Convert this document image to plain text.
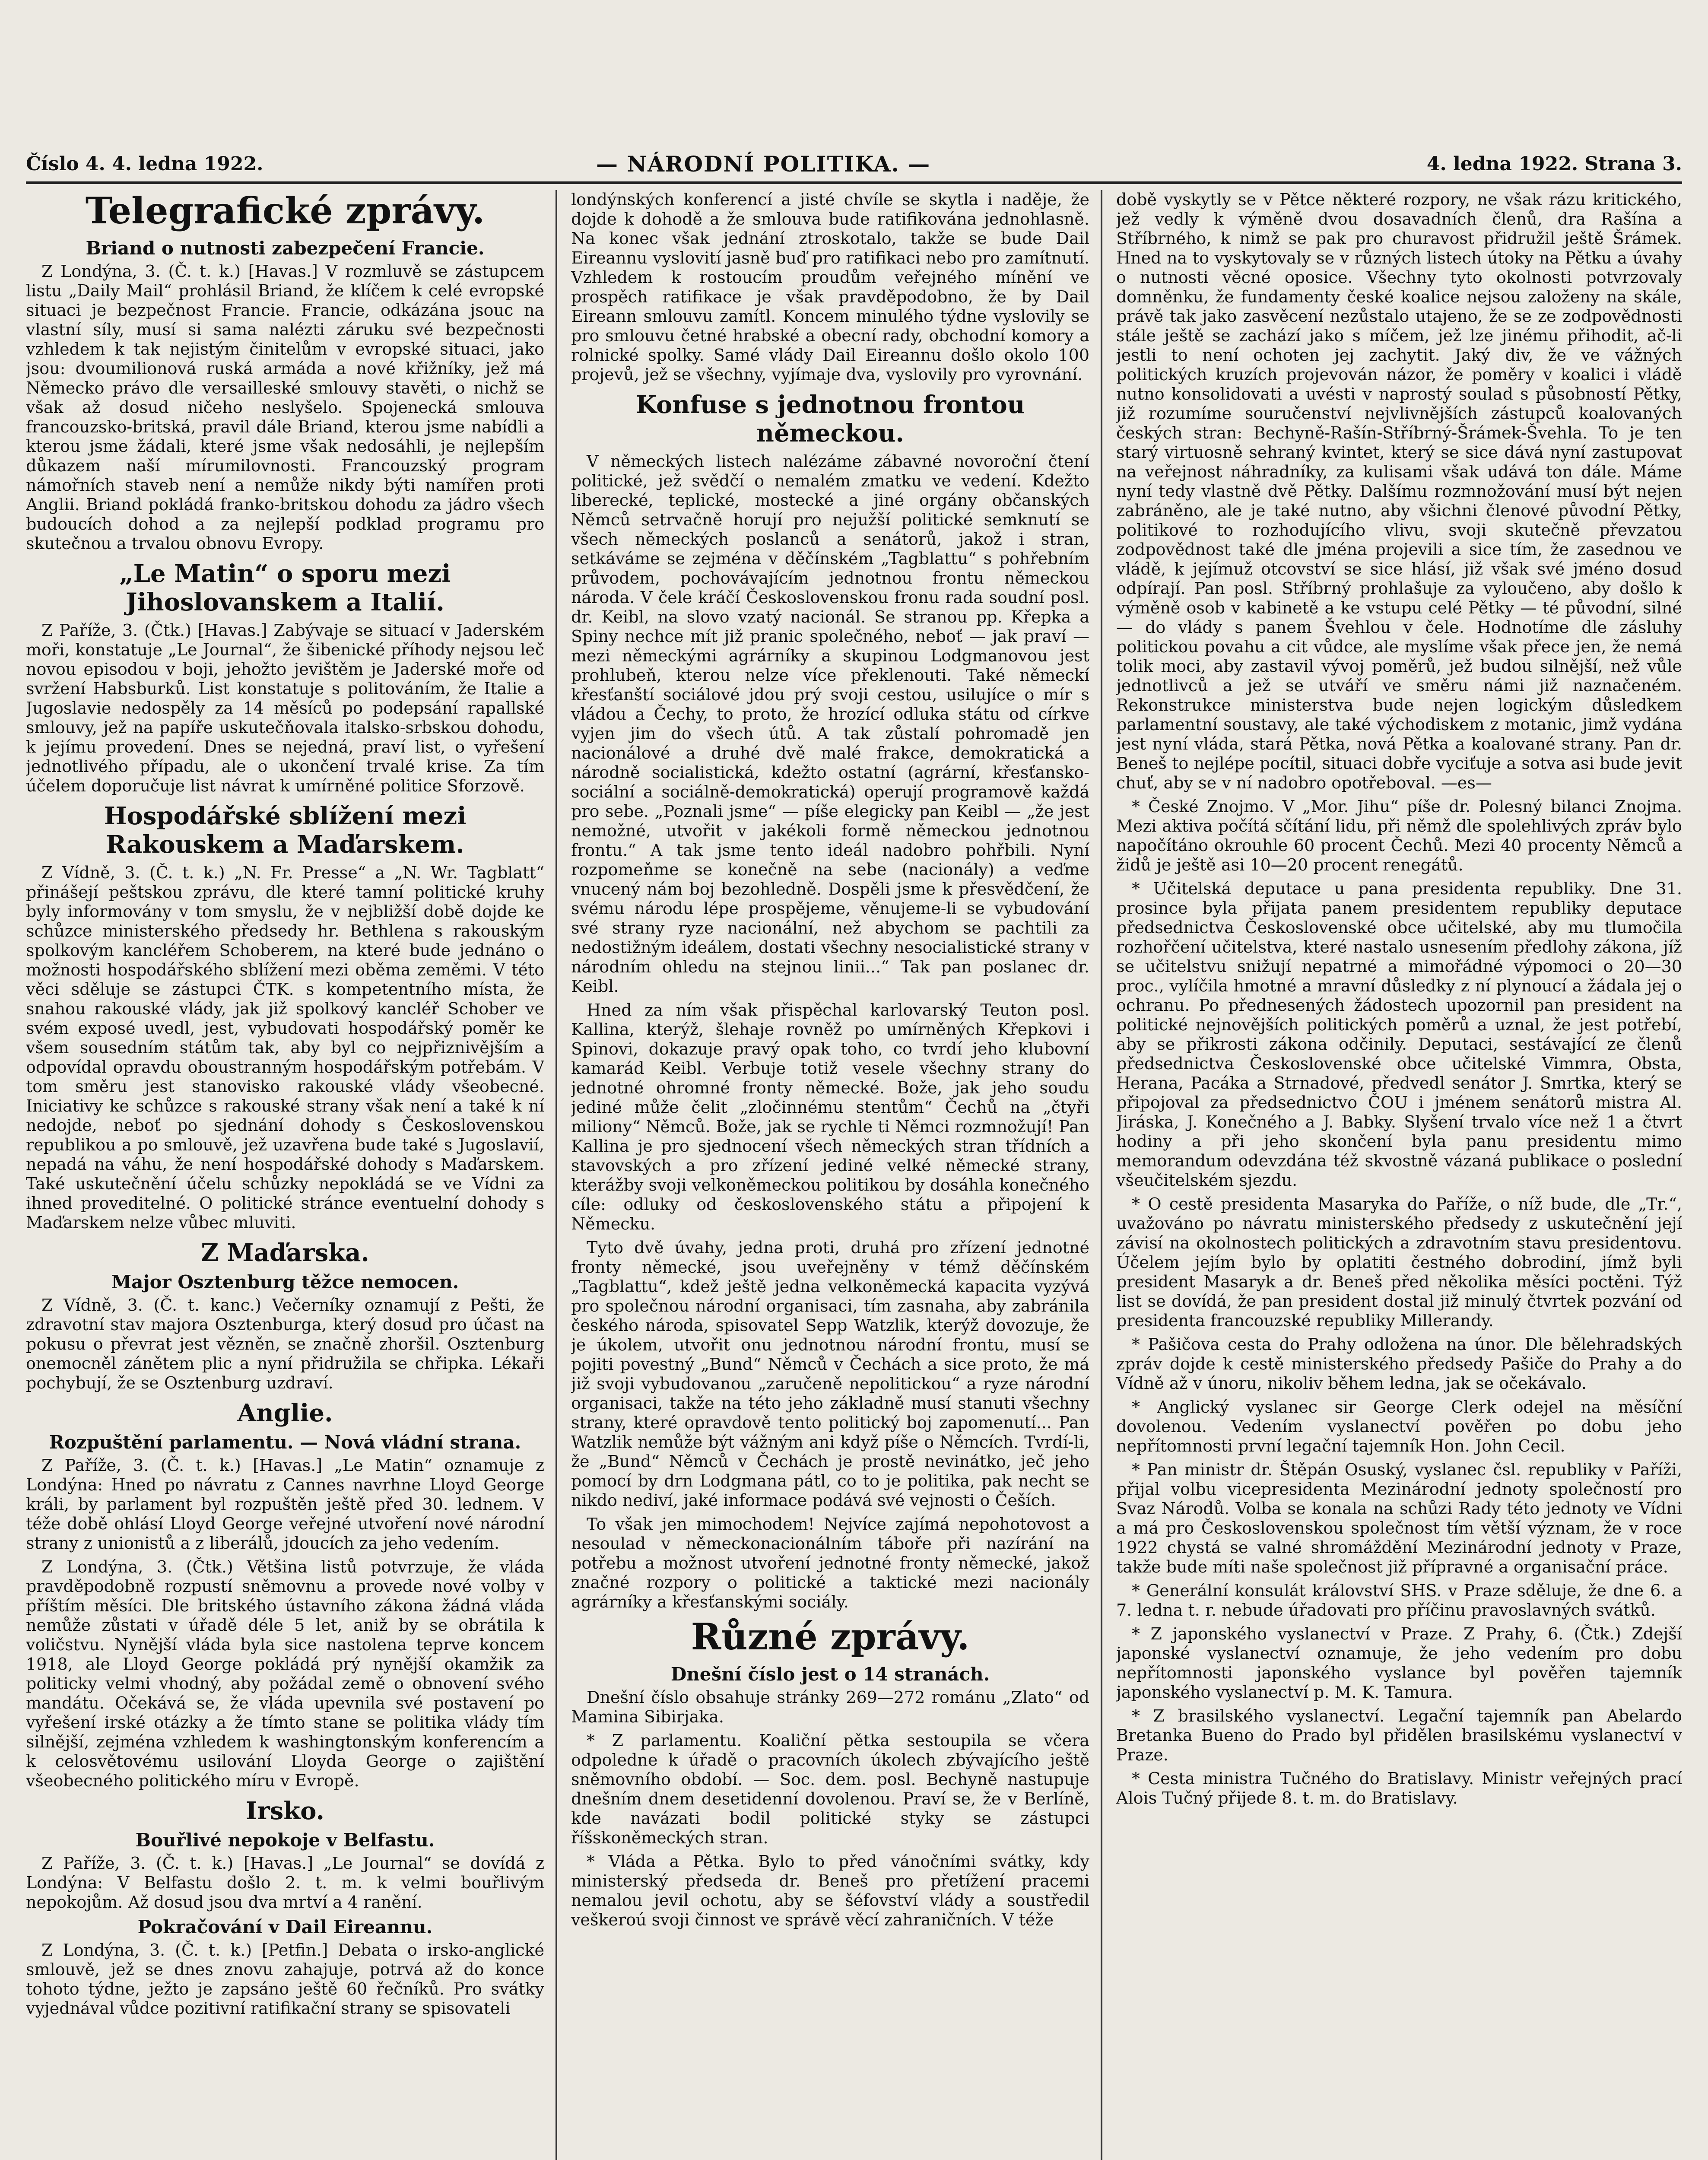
Číslo 4. 4. ledna 1922.	— NÁRODNÍ POLITIKA. —	4. ledna 1922. Strana 3.
Telegrafické zprávy.
Briand o nutnosti zabezpečení Francie.

Z Londýna, 3. (Č. t. k.) [Havas.] V rozmluvě se zástupcem listu „Daily Mail“ prohlásil Briand, že klíčem k celé evropské situaci je bezpečnost Francie. Francie, odkázána jsouc na vlastní síly, musí si sama nalézti záruku své bezpečnosti vzhledem k tak nejistým činitelům v evropské situaci, jako jsou: dvoumilionová ruská armáda a nové křižníky, jež má Německo právo dle versailleské smlouvy stavěti, o nichž se však až dosud ničeho neslyšelo. Spojenecká smlouva francouzsko-britská, pravil dále Briand, kterou jsme nabídli a kterou jsme žádali, které jsme však nedosáhli, je nejlepším důkazem naší mírumilovnosti. Francouzský program námořních staveb není a nemůže nikdy býti namířen proti Anglii. Briand pokládá franko-britskou dohodu za jádro všech budoucích dohod a za nejlepší podklad programu pro skutečnou a trvalou obnovu Evropy.

„Le Matin“ o sporu mezi Jihoslovanskem a Italií.

Z Paříže, 3. (Čtk.) [Havas.] Zabývaje se situací v Jaderském moři, konstatuje „Le Journal“, že šibenické příhody nejsou leč novou episodou v boji, jehožto jevištěm je Jaderské moře od svržení Habsburků. List konstatuje s politováním, že Italie a Jugoslavie nedospěly za 14 měsíců po podepsání rapallské smlouvy, jež na papíře uskutečňovala italsko-srbskou dohodu, k jejímu provedení. Dnes se nejedná, praví list, o vyřešení jednotlivého případu, ale o ukončení trvalé krise. Za tím účelem doporučuje list návrat k umírněné politice Sforzově.

Hospodářské sblížení mezi Rakouskem a Maďarskem.

Z Vídně, 3. (Č. t. k.) „N. Fr. Presse“ a „N. Wr. Tagblatt“ přinášejí peštskou zprávu, dle které tamní politické kruhy byly informovány v tom smyslu, že v nejbližší době dojde ke schůzce ministerského předsedy hr. Bethlena s rakouským spolkovým kancléřem Schoberem, na které bude jednáno o možnosti hospodářského sblížení mezi oběma zeměmi. V této věci sděluje se zástupci ČTK. s kompetentního místa, že snahou rakouské vlády, jak již spolkový kancléř Schober ve svém exposé uvedl, jest, vybudovati hospodářský poměr ke všem sousedním státům tak, aby byl co nejpřiznivějším a odpovídal opravdu oboustranným hospodářským potřebám. V tom směru jest stanovisko rakouské vlády všeobecné. Iniciativy ke schůzce s rakouské strany však není a také k ní nedojde, neboť po sjednání dohody s Československou republikou a po smlouvě, jež uzavřena bude také s Jugoslavií, nepadá na váhu, že není hospodářské dohody s Maďarskem. Také uskutečnění účelu schůzky nepokládá se ve Vídni za ihned proveditelné. O politické stránce eventuelní dohody s Maďarskem nelze vůbec mluviti.

Z Maďarska.
Major Osztenburg těžce nemocen.

Z Vídně, 3. (Č. t. kanc.) Večerníky oznamují z Pešti, že zdravotní stav majora Osztenburga, který dosud pro účast na pokusu o převrat jest vězněn, se značně zhoršil. Osztenburg onemocněl zánětem plic a nyní přidružila se chřipka. Lékaři pochybují, že se Osztenburg uzdraví.

Anglie.
Rozpuštění parlamentu. — Nová vládní strana.

Z Paříže, 3. (Č. t. k.) [Havas.] „Le Matin“ oznamuje z Londýna: Hned po návratu z Cannes navrhne Lloyd George králi, by parlament byl rozpuštěn ještě před 30. lednem. V téže době ohlásí Lloyd George veřejné utvoření nové národní strany z unionistů a z liberálů, jdoucích za jeho vedením.

Z Londýna, 3. (Čtk.) Většina listů potvrzuje, že vláda pravděpodobně rozpustí sněmovnu a provede nové volby v příštím měsíci. Dle britského ústavního zákona žádná vláda nemůže zůstati v úřadě déle 5 let, aniž by se obrátila k voličstvu. Nynější vláda byla sice nastolena teprve koncem 1918, ale Lloyd George pokládá prý nynější okamžik za politicky velmi vhodný, aby požádal země o obnovení svého mandátu. Očekává se, že vláda upevnila své postavení po vyřešení irské otázky a že tímto stane se politika vlády tím silnější, zejména vzhledem k washingtonským konferencím a k celosvětovému usilování Lloyda George o zajištění všeobecného politického míru v Evropě.

Irsko.
Bouřlivé nepokoje v Belfastu.

Z Paříže, 3. (Č. t. k.) [Havas.] „Le Journal“ se dovídá z Londýna: V Belfastu došlo 2. t. m. k velmi bouřlivým nepokojům. Až dosud jsou dva mrtví a 4 ranění.

Pokračování v Dail Eireannu.

Z Londýna, 3. (Č. t. k.) [Petfin.] Debata o irsko-anglické smlouvě, jež se dnes znovu zahajuje, potrvá až do konce tohoto týdne, ježto je zapsáno ještě 60 řečníků. Pro svátky vyjednával vůdce pozitivní ratifikační strany se spisovateli

londýnských konferencí a jisté chvíle se skytla i naděje, že dojde k dohodě a že smlouva bude ratifikována jednohlasně. Na konec však jednání ztroskotalo, takže se bude Dail Eireannu vyslovití jasně buď pro ratifikaci nebo pro zamítnutí. Vzhledem k rostoucím proudům veřejného mínění ve prospěch ratifikace je však pravděpodobno, že by Dail Eireann smlouvu zamítl. Koncem minulého týdne vyslovily se pro smlouvu četné hrabské a obecní rady, obchodní komory a rolnické spolky. Samé vlády Dail Eireannu došlo okolo 100 projevů, jež se všechny, vyjímaje dva, vyslovily pro vyrovnání.

Konfuse s jednotnou frontou německou.

V německých listech nalézáme zábavné novoroční čtení politické, jež svědčí o nemalém zmatku ve vedení. Kdežto liberecké, teplické, mostecké a jiné orgány občanských Němců setrvačně horují pro nejužší politické semknutí se všech německých poslanců a senátorů, jakož i stran, setkáváme se zejména v děčínském „Tagblattu“ s pohřebním průvodem, pochovávajícím jednotnou frontu německou národa. V čele kráčí Československou fronu rada soudní posl. dr. Keibl, na slovo vzatý nacionál. Se stranou pp. Křepka a Spiny nechce mít již pranic společného, neboť — jak praví — mezi německými agrárníky a skupinou Lodgmanovou jest prohlubeň, kterou nelze více překlenouti. Také německí křesťanští sociálové jdou prý svoji cestou, usilujíce o mír s vládou a Čechy, to proto, že hrozící odluka státu od církve vyjen jim do všech útů. A tak zůstalí pohromadě jen nacionálové a druhé dvě malé frakce, demokratická a národně socialistická, kdežto ostatní (agrární, křesťansko-sociální a sociálně-demokratická) operují programově každá pro sebe. „Poznali jsme“ — píše elegicky pan Keibl — „že jest nemožné, utvořit v jakékoli formě německou jednotnou frontu.“ A tak jsme tento ideál nadobro pohřbili. Nyní rozpomeňme se konečně na sebe (nacionály) a veďme vnucený nám boj bezohledně. Dospěli jsme k přesvědčení, že svému národu lépe prospějeme, věnujeme-li se vybudování své strany ryze nacionální, než abychom se pachtili za nedostižným ideálem, dostati všechny nesocialistické strany v národním ohledu na stejnou linii...“ Tak pan poslanec dr. Keibl.

Hned za ním však přispěchal karlovarský Teuton posl. Kallina, kterýž, šlehaje rovněž po umírněných Křepkovi i Spinovi, dokazuje pravý opak toho, co tvrdí jeho klubovní kamarád Keibl. Verbuje totiž vesele všechny strany do jednotné ohromné fronty německé. Bože, jak jeho soudu jediné může čelit „zločinnému stentům“ Čechů na „čtyři miliony“ Němců. Bože, jak se rychle ti Němci rozmnožují! Pan Kallina je pro sjednocení všech německých stran třídních a stavovských a pro zřízení jediné velké německé strany, kterážby svoji velkoněmeckou politikou by dosáhla konečného cíle: odluky od československého státu a připojení k Německu.

Tyto dvě úvahy, jedna proti, druhá pro zřízení jednotné fronty německé, jsou uveřejněny v témž děčínském „Tagblattu“, kdež ještě jedna velkoněmecká kapacita vyzývá pro společnou národní organisaci, tím zasnaha, aby zabránila českého národa, spisovatel Sepp Watzlik, kterýž dovozuje, že je úkolem, utvořit onu jednotnou národní frontu, musí se pojiti povestný „Bund“ Němců v Čechách a sice proto, že má již svoji vybudovanou „zaručeně nepolitickou“ a ryze národní organisaci, takže na této jeho základně musí stanuti všechny strany, které opravdově tento politický boj zapomenutí... Pan Watzlik nemůže být vážným ani když píše o Němcích. Tvrdí-li, že „Bund“ Němců v Čechách je prostě nevinátko, ječ jeho pomocí by drn Lodgmana pátl, co to je politika, pak necht se nikdo nediví, jaké informace podává své vejnosti o Češích.

To však jen mimochodem! Nejvíce zajímá nepohotovost a nesoulad v německonacionálním táboře při nazírání na potřebu a možnost utvoření jednotné fronty německé, jakož značné rozpory o politické a taktické mezi nacionály agrárníky a křesťanskými sociály.

Různé zprávy.
Dnešní číslo jest o 14 stranách.

Dnešní číslo obsahuje stránky 269—272 románu „Zlato“ od Mamina Sibirjaka.

* Z parlamentu. Koaliční pětka sestoupila se včera odpoledne k úřadě o pracovních úkolech zbývajícího ještě sněmovního období. — Soc. dem. posl. Bechyně nastupuje dnešním dnem desetidenní dovolenou. Praví se, že v Berlíně, kde navázati bodil politické styky se zástupci říšskoněmeckých stran.

* Vláda a Pětka. Bylo to před vánočními svátky, kdy ministerský předseda dr. Beneš pro přetížení pracemi nemalou jevil ochotu, aby se šéfovství vlády a soustředil veškeroú svoji činnost ve správě věcí zahraničních. V téže

době vyskytly se v Pětce některé rozpory, ne však rázu kritického, jež vedly k výměně dvou dosavadních členů, dra Rašína a Stříbrného, k nimž se pak pro churavost přidružil ještě Šrámek. Hned na to vyskytovaly se v různých listech útoky na Pětku a úvahy o nutnosti věcné oposice. Všechny tyto okolnosti potvrzovaly domněnku, že fundamenty české koalice nejsou založeny na skále, právě tak jako zasvěcení nezůstalo utajeno, že se ze zodpovědnosti stále ještě se zachází jako s míčem, jež lze jinému přihodit, ač-li jestli to není ochoten jej zachytit. Jaký div, že ve vážných politických kruzích projevován názor, že poměry v koalici i vládě nutno konsolidovati a uvésti v naprostý soulad s působností Pětky, již rozumíme souručenství nejvlivnějších zástupců koalovaných českých stran: Bechyně-Rašín-Stříbrný-Šrámek-Švehla. To je ten starý virtuosně sehraný kvintet, který se sice dává nyní zastupovat na veřejnost náhradníky, za kulisami však udává ton dále. Máme nyní tedy vlastně dvě Pětky. Dalšímu rozmnožování musí být nejen zabráněno, ale je také nutno, aby všichni členové původní Pětky, politikové to rozhodujícího vlivu, svoji skutečně převzatou zodpovědnost také dle jména projevili a sice tím, že zasednou ve vládě, k jejímuž otcovství se sice hlásí, již však své jméno dosud odpírají. Pan posl. Stříbrný prohlašuje za vyloučeno, aby došlo k výměně osob v kabinetě a ke vstupu celé Pětky — té původní, silné — do vlády s panem Švehlou v čele. Hodnotíme dle zásluhy politickou povahu a cit vůdce, ale myslíme však přece jen, že nemá tolik moci, aby zastavil vývoj poměrů, jež budou silnější, než vůle jednotlivců a jež se utváří ve směru námi již naznačeném. Rekonstrukce ministerstva bude nejen logickým důsledkem parlamentní soustavy, ale také východiskem z motanic, jimž vydána jest nyní vláda, stará Pětka, nová Pětka a koalované strany. Pan dr. Beneš to nejlépe pocítil, situaci dobře vyciťuje a sotva asi bude jevit chuť, aby se v ní nadobro opotřeboval. —es—

* České Znojmo. V „Mor. Jihu“ píše dr. Polesný bilanci Znojma. Mezi aktiva počítá sčítání lidu, při němž dle spolehlivých zpráv bylo napočítáno okrouhle 60 procent Čechů. Mezi 40 procenty Němců a židů je ještě asi 10—20 procent renegátů.

* Učitelská deputace u pana presidenta republiky. Dne 31. prosince byla přijata panem presidentem republiky deputace předsednictva Československé obce učitelské, aby mu tlumočila rozhořčení učitelstva, které nastalo usnesením předlohy zákona, jíž se učitelstvu snižují nepatrné a mimořádné výpomoci o 20—30 proc., vylíčila hmotné a mravní důsledky z ní plynoucí a žádala jej o ochranu. Po přednesených žádostech upozornil pan president na politické nejnovějších politických poměrů a uznal, že jest potřebí, aby se přikrosti zákona odčinily. Deputaci, sestávající ze členů předsednictva Československé obce učitelské Vimmra, Obsta, Herana, Pacáka a Strnadové, předvedl senátor J. Smrtka, který se připojoval za předsednictvo ČOU i jménem senátorů mistra Al. Jiráska, J. Konečného a J. Babky. Slyšení trvalo více než 1 a čtvrt hodiny a při jeho skončení byla panu presidentu mimo memorandum odevzdána též skvostně vázaná publikace o poslední všeučitelském sjezdu.

* O cestě presidenta Masaryka do Paříže, o níž bude, dle „Tr.“, uvažováno po návratu ministerského předsedy z uskutečnění její závisí na okolnostech politických a zdravotním stavu presidentovu. Účelem jejím bylo by oplatiti čestného dobrodiní, jímž byli president Masaryk a dr. Beneš před několika měsíci poctěni. Týž list se dovídá, že pan president dostal již minulý čtvrtek pozvání od presidenta francouzské republiky Millerandy.

* Pašičova cesta do Prahy odložena na únor. Dle bělehradských zpráv dojde k cestě ministerského předsedy Pašiče do Prahy a do Vídně až v únoru, nikoliv během ledna, jak se očekávalo.

* Anglický vyslanec sir George Clerk odejel na měsíční dovolenou. Vedením vyslanectví pověřen po dobu jeho nepřítomnosti první legační tajemník Hon. John Cecil.

* Pan ministr dr. Štěpán Osuský, vyslanec čsl. republiky v Paříži, přijal volbu vicepresidenta Mezinárodní jednoty společností pro Svaz Národů. Volba se konala na schůzi Rady této jednoty ve Vídni a má pro Československou společnost tím větší význam, že v roce 1922 chystá se valné shromáždění Mezinárodní jednoty v Praze, takže bude míti naše společnost již přípravné a organisační práce.

* Generální konsulát království SHS. v Praze sděluje, že dne 6. a 7. ledna t. r. nebude úřadovati pro příčinu pravoslavných svátků.

* Z japonského vyslanectví v Praze. Z Prahy, 6. (Čtk.) Zdejší japonské vyslanectví oznamuje, že jeho vedením pro dobu nepřítomnosti japonského vyslance byl pověřen tajemník japonského vyslanectví p. M. K. Tamura.

* Z brasilského vyslanectví. Legační tajemník pan Abelardo Bretanka Bueno do Prado byl přidělen brasilskému vyslanectví v Praze.

* Cesta ministra Tučného do Bratislavy. Ministr veřejných prací Alois Tučný přijede 8. t. m. do Bratislavy.
